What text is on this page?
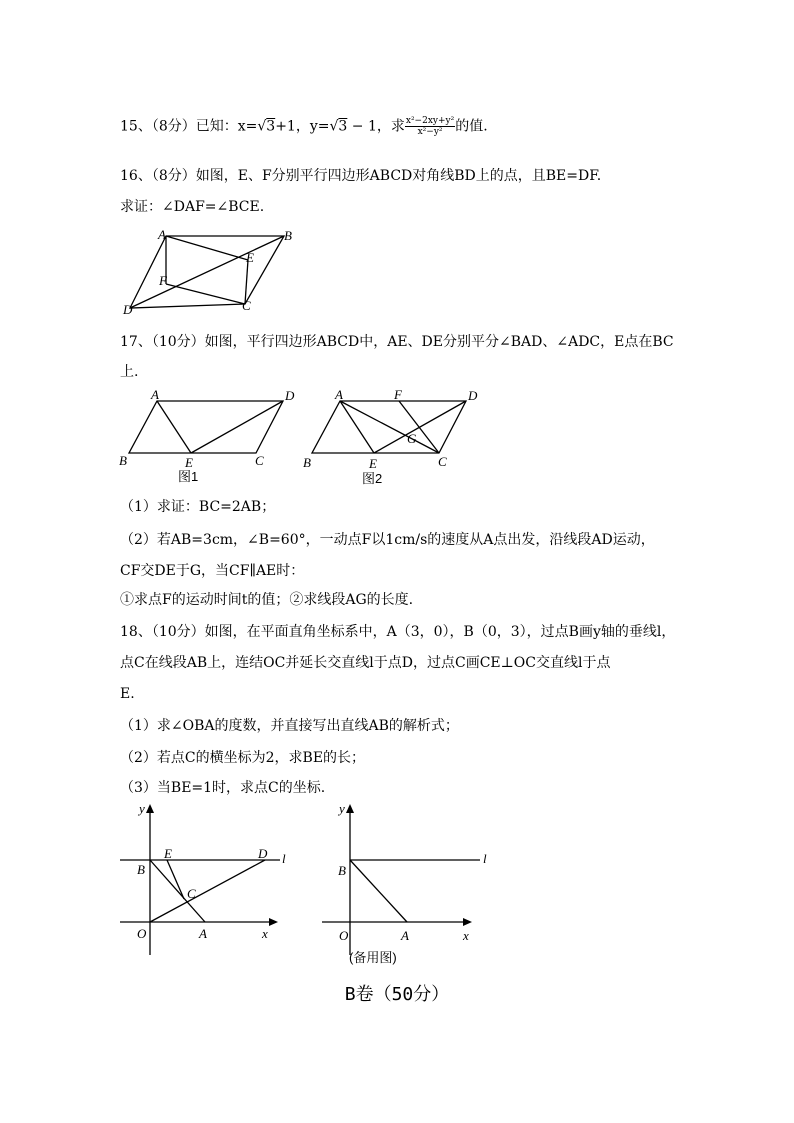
15、（8分）已知：x=√3+1，y=√3 − 1，求 $\frac{\text{x²−2xy+y²}}{\text{x²−y²}}$ 的值.
16、（8分）如图，E、F分别平行四边形ABCD对角线BD上的点，且BE=DF.
求证：∠DAF=∠BCE.
A	B
C
D
E
F
17、（10分）如图，平行四边形ABCD中，AE、DE分别平分∠BAD、∠ADC，E点在BC
上.
A	D
B	E	C
图1
A	F	D
G
B	E	C
图2
（1）求证：BC=2AB；
（2）若AB=3cm，∠B=60°，一动点F以1cm/s的速度从A点出发，沿线段AD运动，
CF交DE于G，当CF∥AE时：
①求点F的运动时间t的值；②求线段AG的长度.
18、（10分）如图，在平面直角坐标系中，A（3，0），B（0，3），过点B画y轴的垂线l，
点C在线段AB上，连结OC并延长交直线l于点D，过点C画CE⊥OC交直线l于点
E.
（1）求∠OBA的度数，并直接写出直线AB的解析式；
（2）若点C的横坐标为2，求BE的长；
（3）当BE=1时，求点C的坐标.
y
x
O	A
B
C
D
E	l
y
x
O	A
B
l
(备用图)
B卷（50分）
